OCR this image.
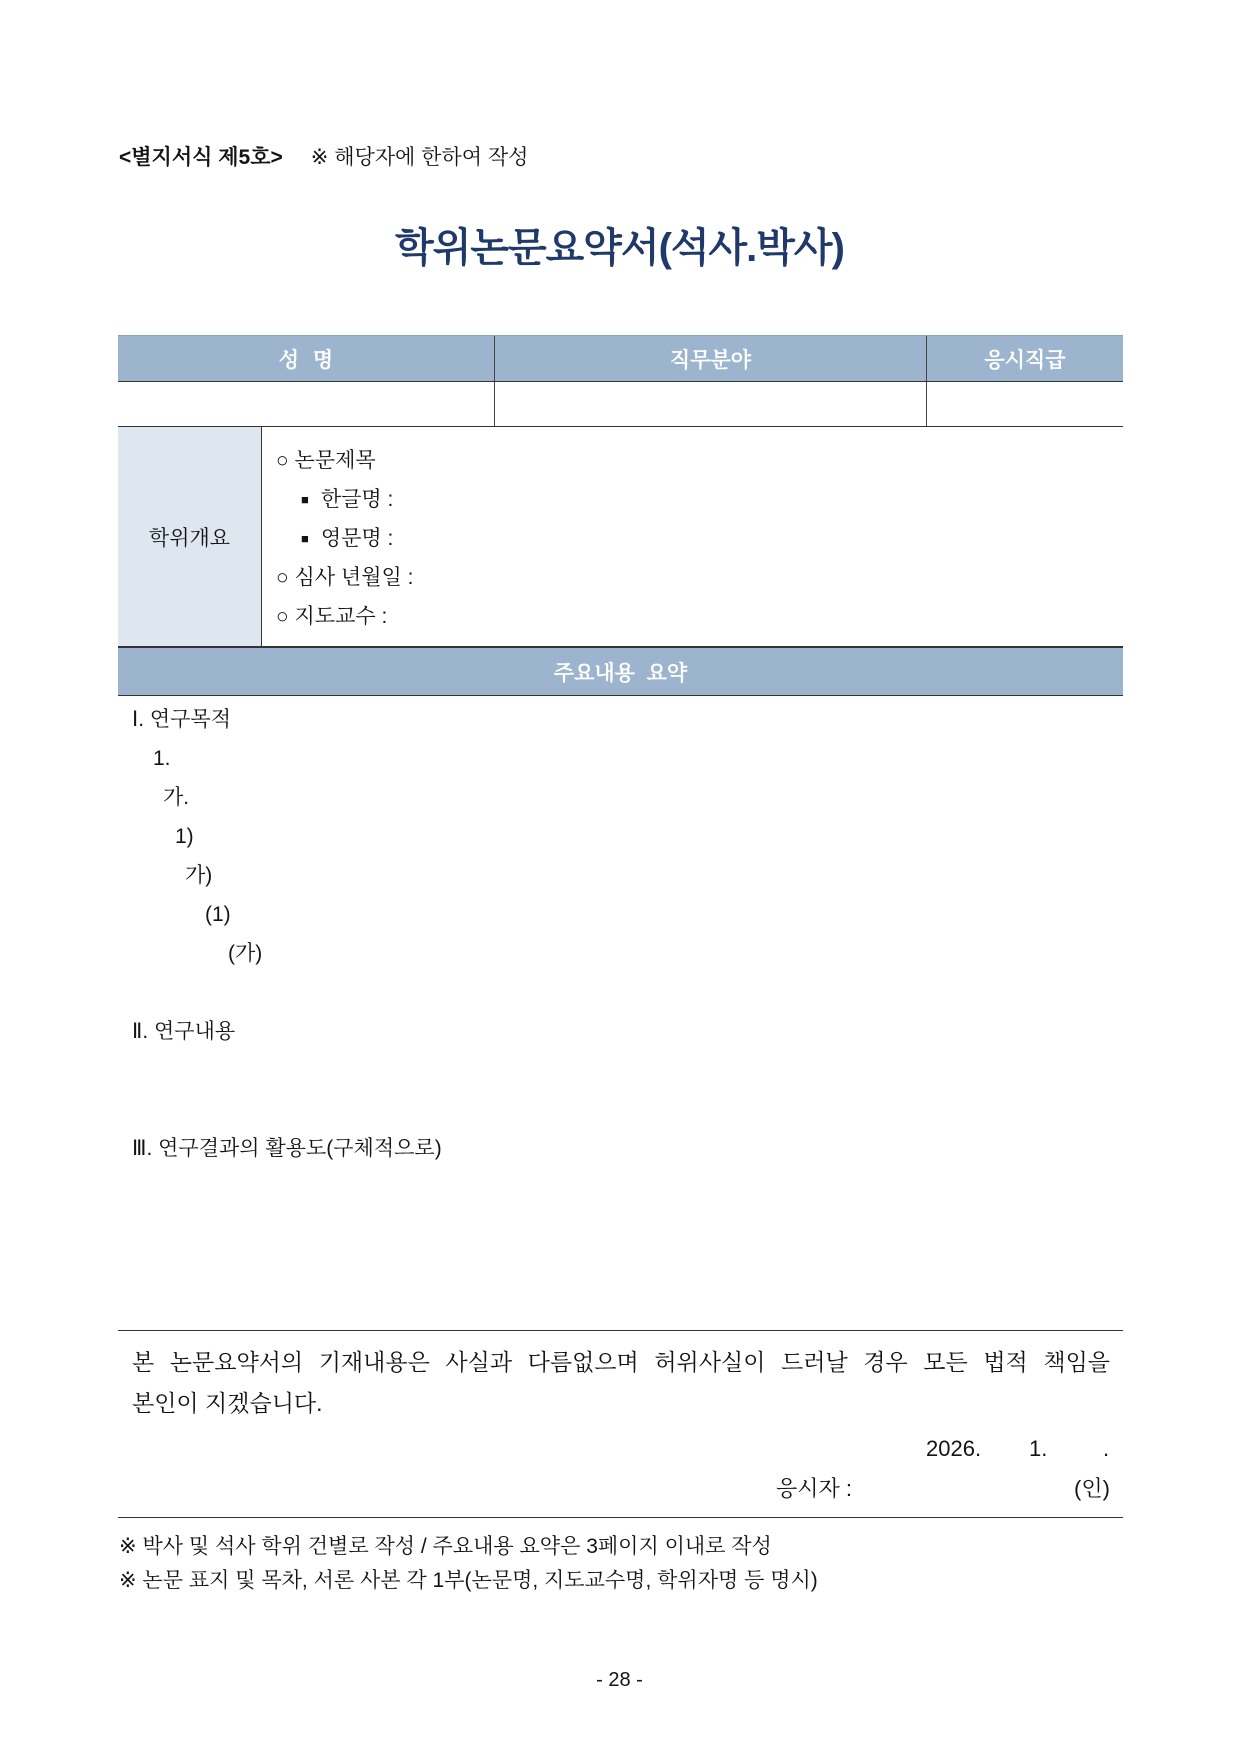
<별지서식 제5호> ※ 해당자에 한하여 작성
학위논문요약서(석사.박사)
성 명	직무분야	응시직급
학위개요
○ 논문제목
■ 한글명 :
■ 영문명 :
○ 심사 년월일 :
○ 지도교수 :
주요내용  요약
Ⅰ. 연구목적
1.
가.
1)
가)
(1)
(가)
Ⅱ. 연구내용
Ⅲ. 연구결과의 활용도(구체적으로)
본 논문요약서의 기재내용은 사실과 다름없으며 허위사실이 드러날 경우 모든 법적 책임을
본인이 지겠습니다.
2026. 1.	.
응시자 :	(인)
※ 박사 및 석사 학위 건별로 작성 / 주요내용 요약은 3페이지 이내로 작성
※ 논문 표지 및 목차, 서론 사본 각 1부(논문명, 지도교수명, 학위자명 등 명시)
- 28 -
